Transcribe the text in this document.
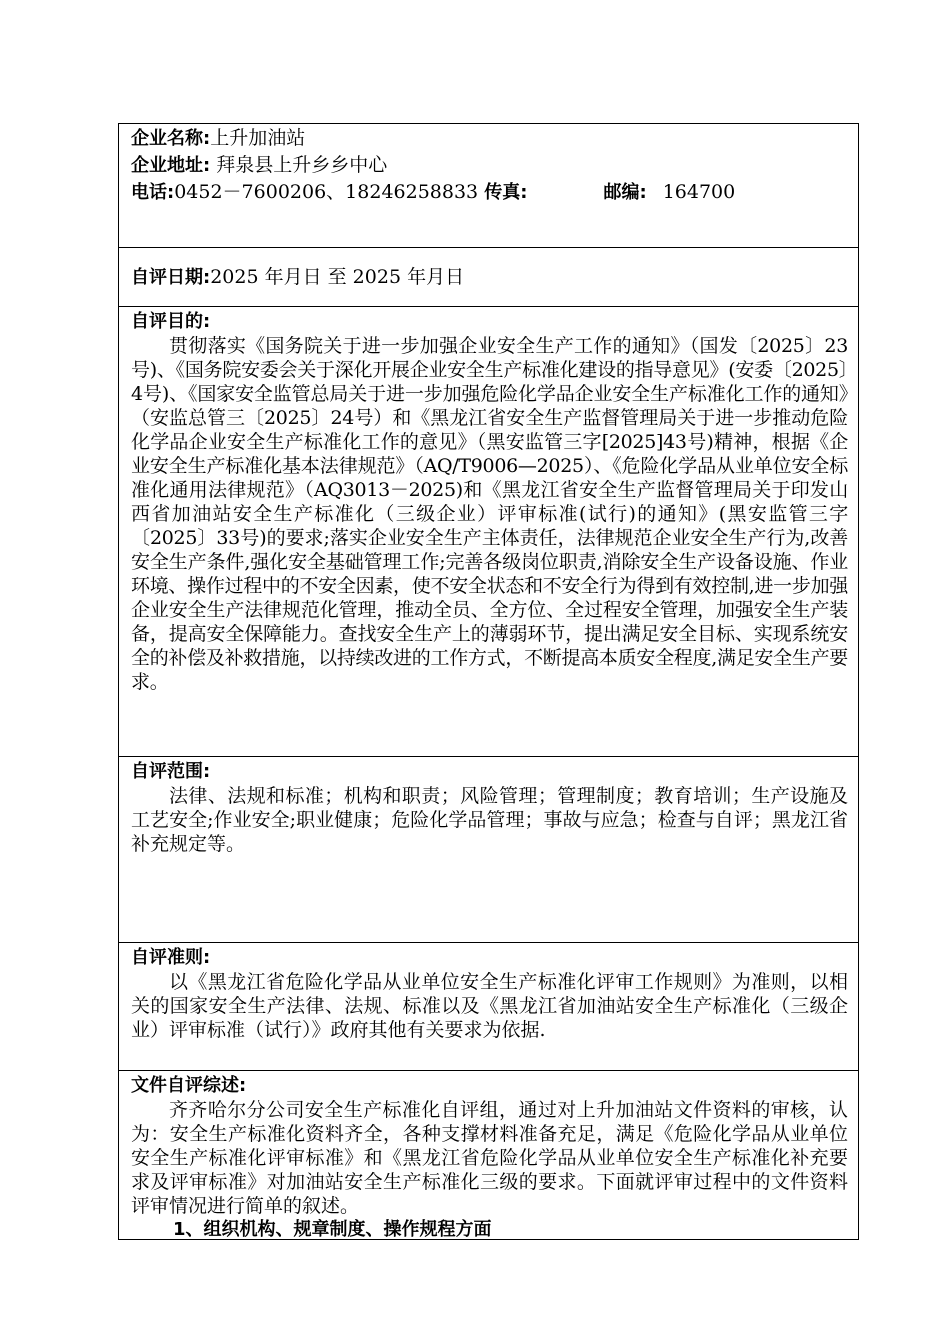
企业名称:上升加油站
企业地址: 拜泉县上升乡乡中心
电话:0452－7600206、18246258833 传真:	邮编: 164700
自评日期:2025 年月日 至 2025 年月日
自评目的:
贯彻落实《国务院关于进一步加强企业安全生产工作的通知》（国发〔2025〕23号)、《国务院安委会关于深化开展企业安全生产标准化建设的指导意见》(安委〔2025〕4号)、《国家安全监管总局关于进一步加强危险化学品企业安全生产标准化工作的通知》（安监总管三〔2025〕24号）和《黑龙江省安全生产监督管理局关于进一步推动危险化学品企业安全生产标准化工作的意见》（黑安监管三字[2025]43号)精神，根据《企业安全生产标准化基本法律规范》（AQ/T9006—2025）、《危险化学品从业单位安全标准化通用法律规范》（AQ3013－2025)和《黑龙江省安全生产监督管理局关于印发山西省加油站安全生产标准化（三级企业）评审标准(试行)的通知》(黑安监管三字〔2025〕33号)的要求;落实企业安全生产主体责任，法律规范企业安全生产行为,改善安全生产条件,强化安全基础管理工作;完善各级岗位职责,消除安全生产设备设施、作业环境、操作过程中的不安全因素，使不安全状态和不安全行为得到有效控制,进一步加强企业安全生产法律规范化管理，推动全员、全方位、全过程安全管理，加强安全生产装备，提高安全保障能力。查找安全生产上的薄弱环节，提出满足安全目标、实现系统安全的补偿及补救措施，以持续改进的工作方式，不断提高本质安全程度,满足安全生产要求。
自评范围:
法律、法规和标准；机构和职责；风险管理；管理制度；教育培训；生产设施及工艺安全;作业安全;职业健康；危险化学品管理；事故与应急；检查与自评；黑龙江省补充规定等。
自评准则:
以《黑龙江省危险化学品从业单位安全生产标准化评审工作规则》为准则，以相关的国家安全生产法律、法规、标准以及《黑龙江省加油站安全生产标准化（三级企业）评审标准（试行）》政府其他有关要求为依据.
文件自评综述:
齐齐哈尔分公司安全生产标准化自评组，通过对上升加油站文件资料的审核，认为：安全生产标准化资料齐全，各种支撑材料准备充足，满足《危险化学品从业单位安全生产标准化评审标准》和《黑龙江省危险化学品从业单位安全生产标准化补充要求及评审标准》对加油站安全生产标准化三级的要求。下面就评审过程中的文件资料评审情况进行简单的叙述。
1、组织机构、规章制度、操作规程方面
